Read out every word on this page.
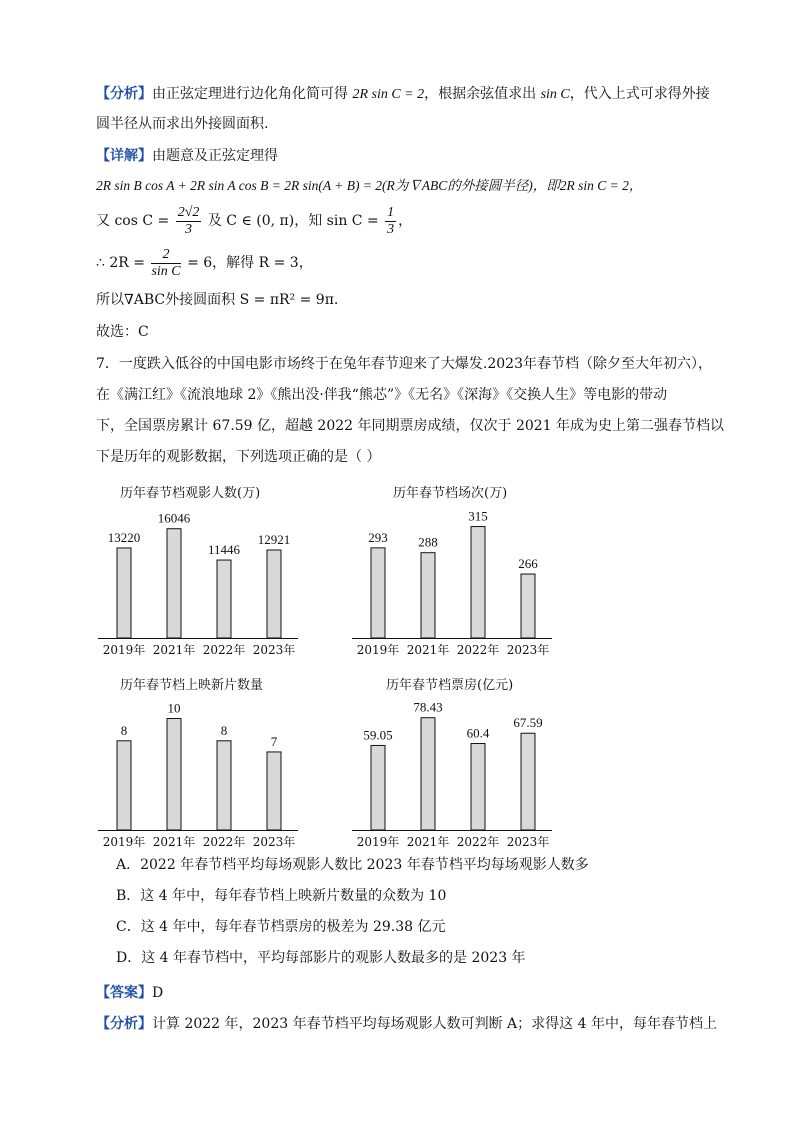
【分析】由正弦定理进行边化角化简可得 2R sin C = 2，根据余弦值求出 sin C，代入上式可求得外接
圆半径从而求出外接圆面积.
【详解】由题意及正弦定理得
2R sin B cos A + 2R sin A cos B = 2R sin(A + B) = 2(R为∇ABC的外接圆半径)，即2R sin C = 2，
又 $\cos C = \frac{2√2}{3}$ 及 C ∈ (0, π)，知 $\sin C = \frac{1}{3}$ ，
∴ $2R = \frac{2}{\text{sin C}} = 6$，解得 R = 3，
所以∇ABC外接圆面积 S = πR² = 9π.
故选：C
7．一度跌入低谷的中国电影市场终于在兔年春节迎来了大爆发.2023年春节档（除夕至大年初六），
在《满江红》《流浪地球 2》《熊出没·伴我“熊芯”》《无名》《深海》《交换人生》等电影的带动
下，全国票房累计 67.59 亿，超越 2022 年同期票房成绩，仅次于 2021 年成为史上第二强春节档以
下是历年的观影数据，下列选项正确的是（ ）
历年春节档观影人数(万)
13220
2019年
16046
2021年
11446
2022年
12921
2023年
历年春节档场次(万)
293
2019年
288
2021年
315
2022年
266
2023年
历年春节档上映新片数量
8
2019年
10
2021年
8
2022年
7
2023年
历年春节档票房(亿元)
59.05
2019年
78.43
2021年
60.4
2022年
67.59
2023年
A．2022 年春节档平均每场观影人数比 2023 年春节档平均每场观影人数多
B．这 4 年中，每年春节档上映新片数量的众数为 10
C．这 4 年中，每年春节档票房的极差为 29.38 亿元
D．这 4 年春节档中，平均每部影片的观影人数最多的是 2023 年
【答案】D
【分析】计算 2022 年，2023 年春节档平均每场观影人数可判断 A；求得这 4 年中，每年春节档上
